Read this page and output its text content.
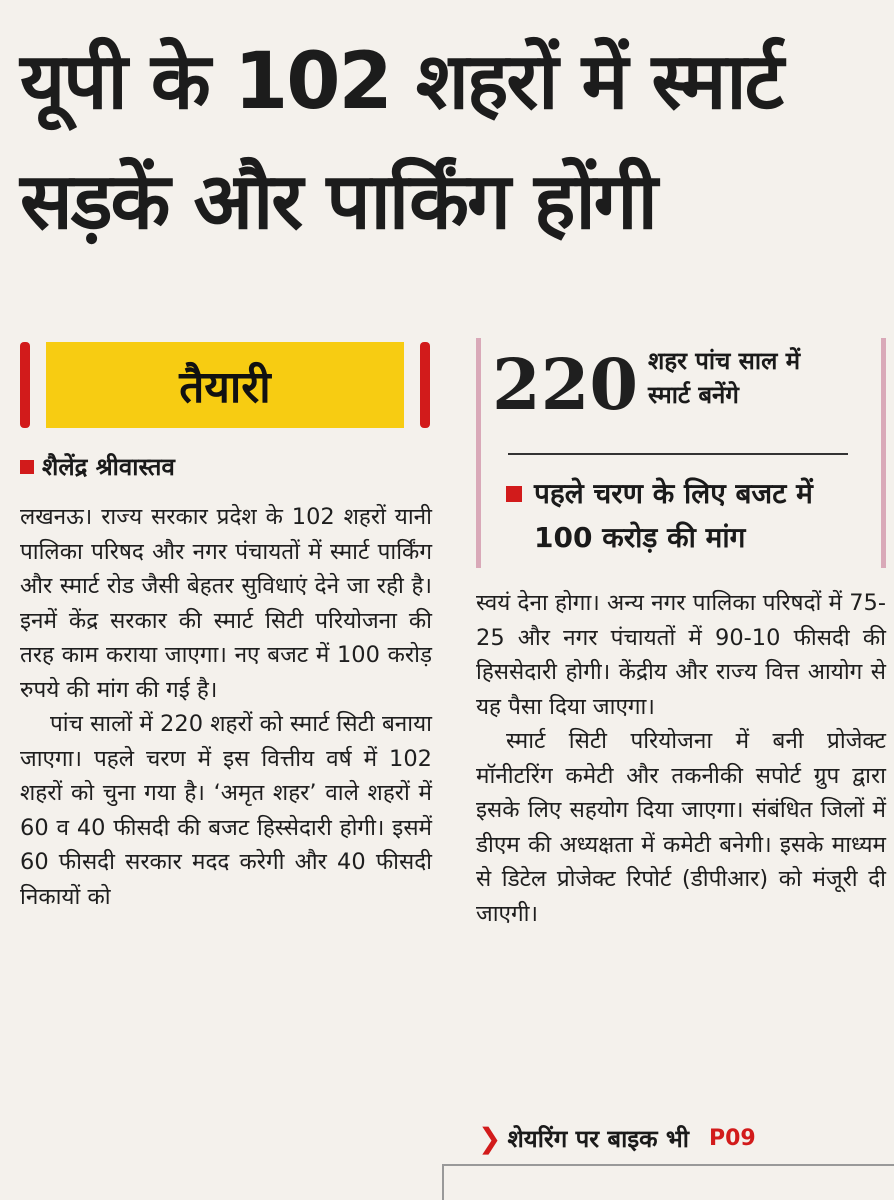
यूपी के 102 शहरों में स्मार्ट
सड़कें और पार्किंग होंगी
तैयारी
शैलेंद्र श्रीवास्तव

लखनऊ। राज्य सरकार प्रदेश के 102 शहरों यानी पालिका परिषद और नगर पंचायतों में स्मार्ट पार्किंग और स्मार्ट रोड जैसी बेहतर सुविधाएं देने जा रही है। इनमें केंद्र सरकार की स्मार्ट सिटी परियोजना की तरह काम कराया जाएगा। नए बजट में 100 करोड़ रुपये की मांग की गई है।

पांच सालों में 220 शहरों को स्मार्ट सिटी बनाया जाएगा। पहले चरण में इस वित्तीय वर्ष में 102 शहरों को चुना गया है। ‘अमृत शहर’ वाले शहरों में 60 व 40 फीसदी की बजट हिस्सेदारी होगी। इसमें 60 फीसदी सरकार मदद करेगी और 40 फीसदी निकायों को

220 शहर पांच साल में
स्मार्ट बनेंगे
पहले चरण के लिए बजट में 100 करोड़ की मांग

स्वयं देना होगा। अन्य नगर पालिका परिषदों में 75-25 और नगर पंचायतों में 90-10 फीसदी की हिससेदारी होगी। केंद्रीय और राज्य वित्त आयोग से यह पैसा दिया जाएगा।

स्मार्ट सिटी परियोजना में बनी प्रोजेक्ट मॉनीटरिंग कमेटी और तकनीकी सपोर्ट ग्रुप द्वारा इसके लिए सहयोग दिया जाएगा। संबंधित जिलों में डीएम की अध्यक्षता में कमेटी बनेगी। इसके माध्यम से डिटेल प्रोजेक्ट रिपोर्ट (डीपीआर) को मंजूरी दी जाएगी।

❯ शेयरिंग पर बाइक भी P09
